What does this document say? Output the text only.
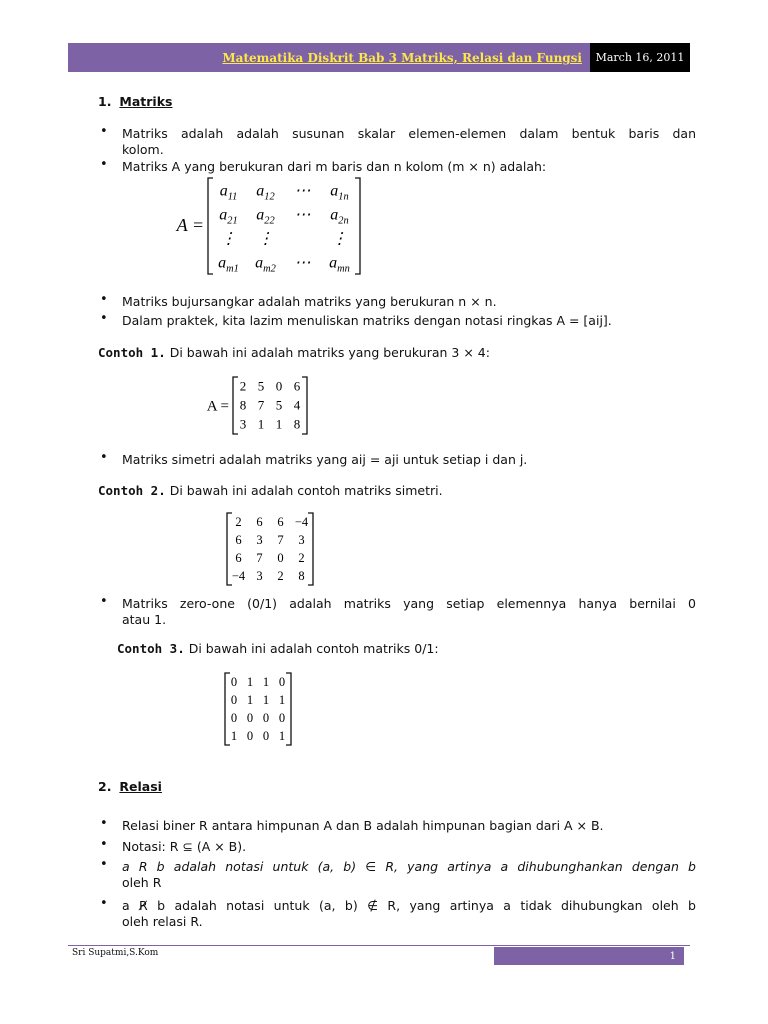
Matematika Diskrit Bab 3 Matriks, Relasi dan Fungsi	March 16, 2011
1. Matriks
• Matriks adalah adalah susunan skalar elemen-elemen dalam bentuk baris dan
kolom.
• Matriks A yang berukuran dari m baris dan n kolom (m × n) adalah:
A =
$a_{11}$ $a_{12}$ ⋯ $a_{1n}$
$a_{21}$ $a_{22}$ ⋯ $a_{2n}$
⋮ ⋮	⋮
$a_{m1}$ $a_{m2}$ ⋯ $a_{mn}$
• Matriks bujursangkar adalah matriks yang berukuran n × n.
• Dalam praktek, kita lazim menuliskan matriks dengan notasi ringkas A = [aij].
Contoh 1. Di bawah ini adalah matriks yang berukuran 3 × 4:
A =
2 5 0 6
8 7 5 4
3 1 1 8
• Matriks simetri adalah matriks yang aij = aji untuk setiap i dan j.
Contoh 2. Di bawah ini adalah contoh matriks simetri.
2 6 6 −4
6 3 7 3
6 7 0 2
−4 3 2 8
• Matriks zero-one (0/1) adalah matriks yang setiap elemennya hanya bernilai 0
atau 1.
Contoh 3. Di bawah ini adalah contoh matriks 0/1:
0 1 1 0
0 1 1 1
0 0 0 0
1 0 0 1
2. Relasi
• Relasi biner R antara himpunan A dan B adalah himpunan bagian dari A × B.
• Notasi: R ⊆ (A × B).
• a R b adalah notasi untuk (a, b) ∈ R, yang artinya a dihubunghankan dengan b
oleh R
• a R̸ b adalah notasi untuk (a, b) ∉ R, yang artinya a tidak dihubungkan oleh b
oleh relasi R.
Sri Supatmi,S.Kom	1
